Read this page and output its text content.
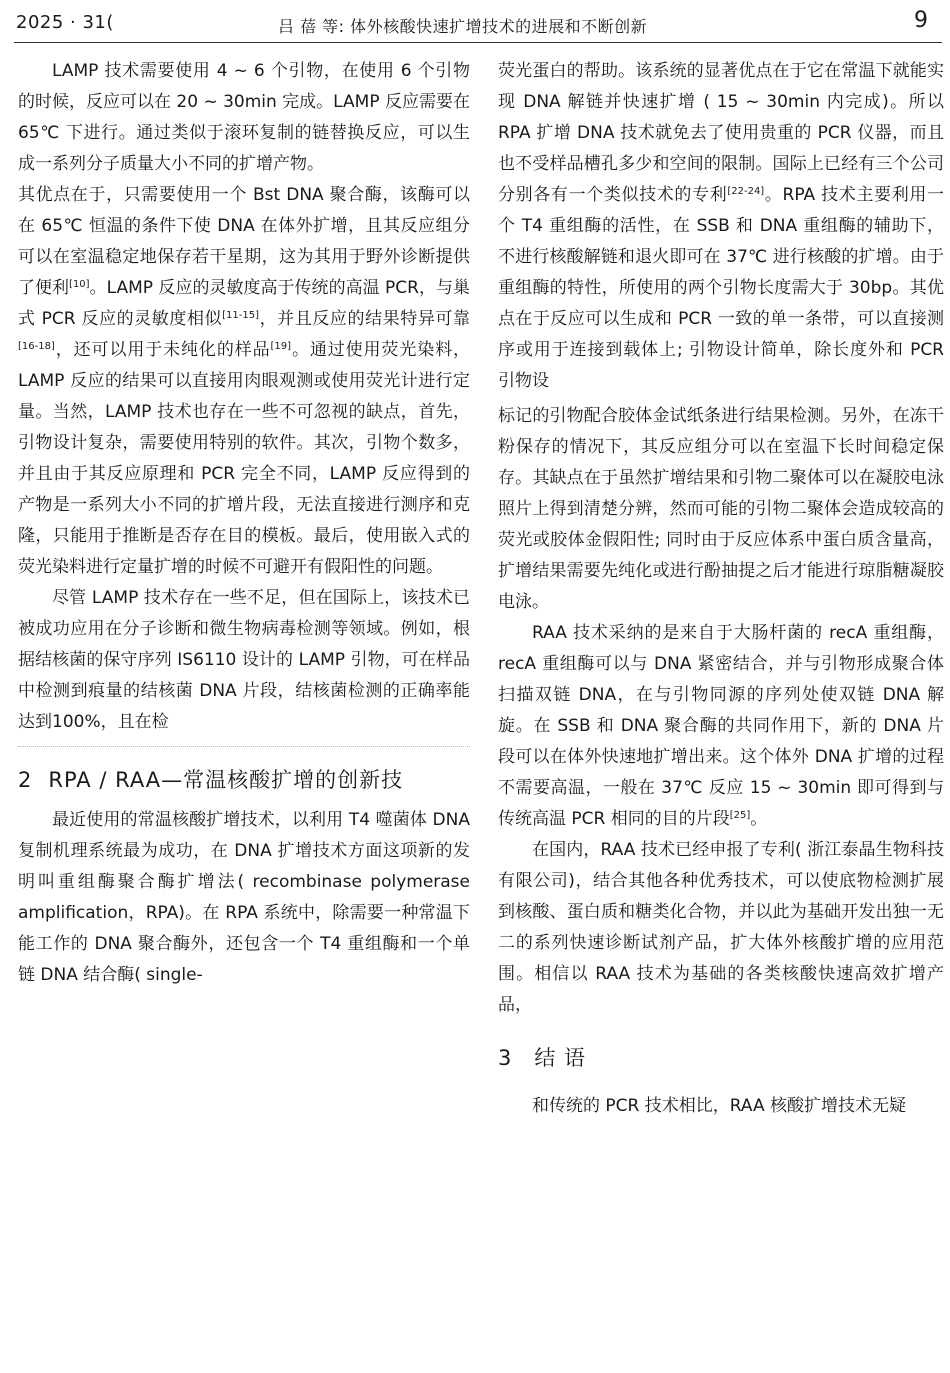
2025 · 31(	吕 蓓 等: 体外核酸快速扩增技术的进展和不断创新	9

LAMP 技术需要使用 4 ~ 6 个引物，在使用 6 个引物的时候，反应可以在 20 ~ 30min 完成。LAMP 反应需要在 65℃ 下进行。通过类似于滚环复制的链替换反应，可以生成一系列分子质量大小不同的扩增产物。

其优点在于，只需要使用一个 Bst DNA 聚合酶，该酶可以在 65℃ 恒温的条件下使 DNA 在体外扩增，且其反应组分可以在室温稳定地保存若干星期，这为其用于野外诊断提供了便利[10]。LAMP 反应的灵敏度高于传统的高温 PCR，与巢式 PCR 反应的灵敏度相似[11-15]，并且反应的结果特异可靠[16-18]，还可以用于未纯化的样品[19]。通过使用荧光染料，LAMP 反应的结果可以直接用肉眼观测或使用荧光计进行定量。当然，LAMP 技术也存在一些不可忽视的缺点，首先，引物设计复杂，需要使用特别的软件。其次，引物个数多，并且由于其反应原理和 PCR 完全不同，LAMP 反应得到的产物是一系列大小不同的扩增片段，无法直接进行测序和克隆，只能用于推断是否存在目的模板。最后，使用嵌入式的荧光染料进行定量扩增的时候不可避开有假阳性的问题。

尽管 LAMP 技术存在一些不足，但在国际上，该技术已被成功应用在分子诊断和微生物病毒检测等领域。例如，根据结核菌的保守序列 IS6110 设计的 LAMP 引物，可在样品中检测到痕量的结核菌 DNA 片段，结核菌检测的正确率能达到100%，且在检

2 RPA / RAA—常温核酸扩增的创新技

最近使用的常温核酸扩增技术，以利用 T4 噬菌体 DNA 复制机理系统最为成功，在 DNA 扩增技术方面这项新的发明叫重组酶聚合酶扩增法( recombinase polymerase amplification，RPA)。在 RPA 系统中，除需要一种常温下能工作的 DNA 聚合酶外，还包含一个 T4 重组酶和一个单链 DNA 结合酶( single-

荧光蛋白的帮助。该系统的显著优点在于它在常温下就能实现 DNA 解链并快速扩增 ( 15 ~ 30min 内完成)。所以 RPA 扩增 DNA 技术就免去了使用贵重的 PCR 仪器，而且也不受样品槽孔多少和空间的限制。国际上已经有三个公司分别各有一个类似技术的专利[22-24]。RPA 技术主要利用一个 T4 重组酶的活性，在 SSB 和 DNA 重组酶的辅助下，不进行核酸解链和退火即可在 37℃ 进行核酸的扩增。由于重组酶的特性，所使用的两个引物长度需大于 30bp。其优点在于反应可以生成和 PCR 一致的单一条带，可以直接测序或用于连接到载体上; 引物设计简单，除长度外和 PCR 引物设

标记的引物配合胶体金试纸条进行结果检测。另外，在冻干粉保存的情况下，其反应组分可以在室温下长时间稳定保存。其缺点在于虽然扩增结果和引物二聚体可以在凝胶电泳照片上得到清楚分辨，然而可能的引物二聚体会造成较高的荧光或胶体金假阳性; 同时由于反应体系中蛋白质含量高，扩增结果需要先纯化或进行酚抽提之后才能进行琼脂糖凝胶电泳。

RAA 技术采纳的是来自于大肠杆菌的 recA 重组酶，recA 重组酶可以与 DNA 紧密结合，并与引物形成聚合体扫描双链 DNA，在与引物同源的序列处使双链 DNA 解旋。在 SSB 和 DNA 聚合酶的共同作用下，新的 DNA 片段可以在体外快速地扩增出来。这个体外 DNA 扩增的过程不需要高温，一般在 37℃ 反应 15 ~ 30min 即可得到与传统高温 PCR 相同的目的片段[25]。

在国内，RAA 技术已经申报了专利( 浙江泰晶生物科技有限公司)，结合其他各种优秀技术，可以使底物检测扩展到核酸、蛋白质和糖类化合物，并以此为基础开发出独一无二的系列快速诊断试剂产品，扩大体外核酸扩增的应用范围。相信以 RAA 技术为基础的各类核酸快速高效扩增产品，

3 结 语

和传统的 PCR 技术相比，RAA 核酸扩增技术无疑
